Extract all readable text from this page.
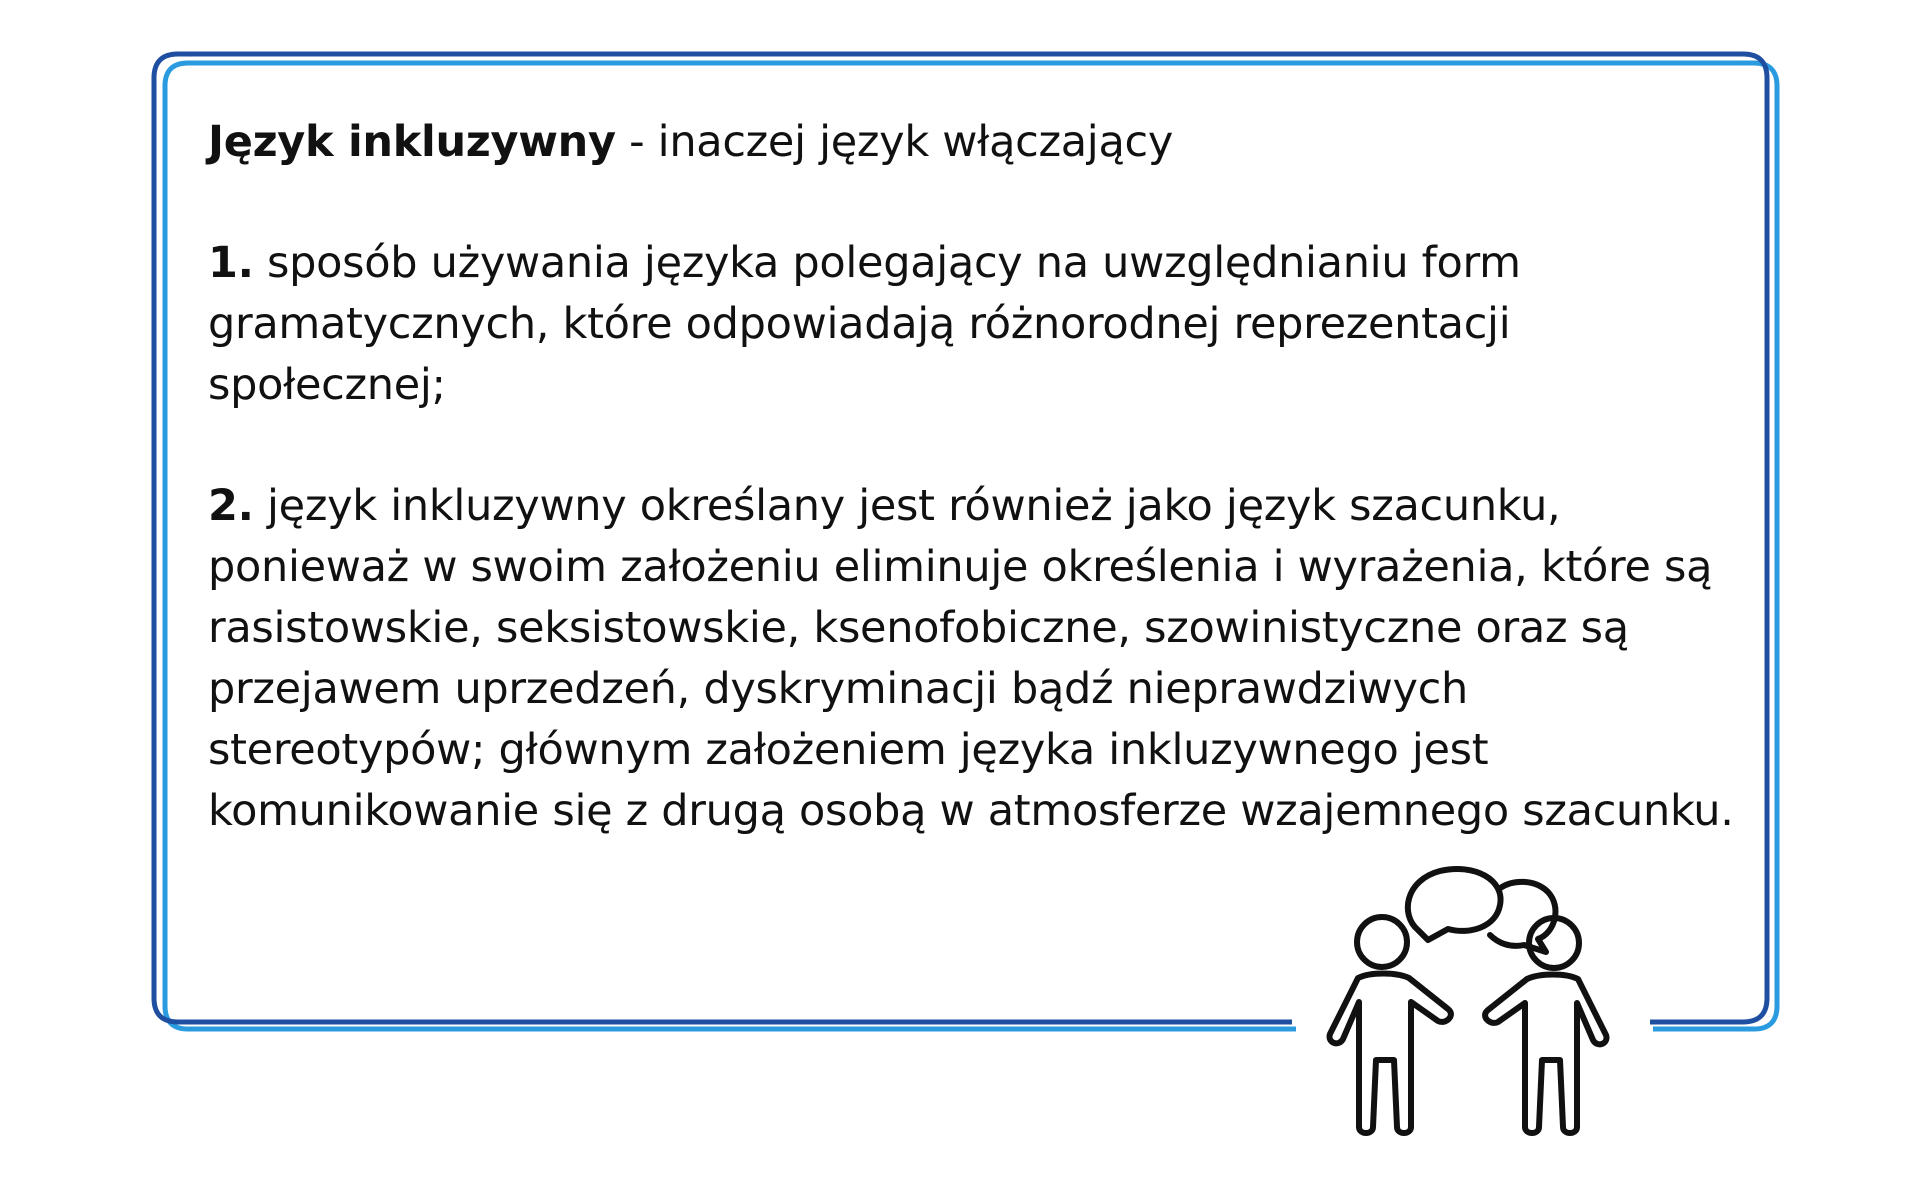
Język inkluzywny - inaczej język włączający

1. sposób używania języka polegający na uwzględnianiu form
gramatycznych, które odpowiadają różnorodnej reprezentacji
społecznej;

2. język inkluzywny określany jest również jako język szacunku,
ponieważ w swoim założeniu eliminuje określenia i wyrażenia, które są
rasistowskie, seksistowskie, ksenofobiczne, szowinistyczne oraz są
przejawem uprzedzeń, dyskryminacji bądź nieprawdziwych
stereotypów; głównym założeniem języka inkluzywnego jest
komunikowanie się z drugą osobą w atmosferze wzajemnego szacunku.
